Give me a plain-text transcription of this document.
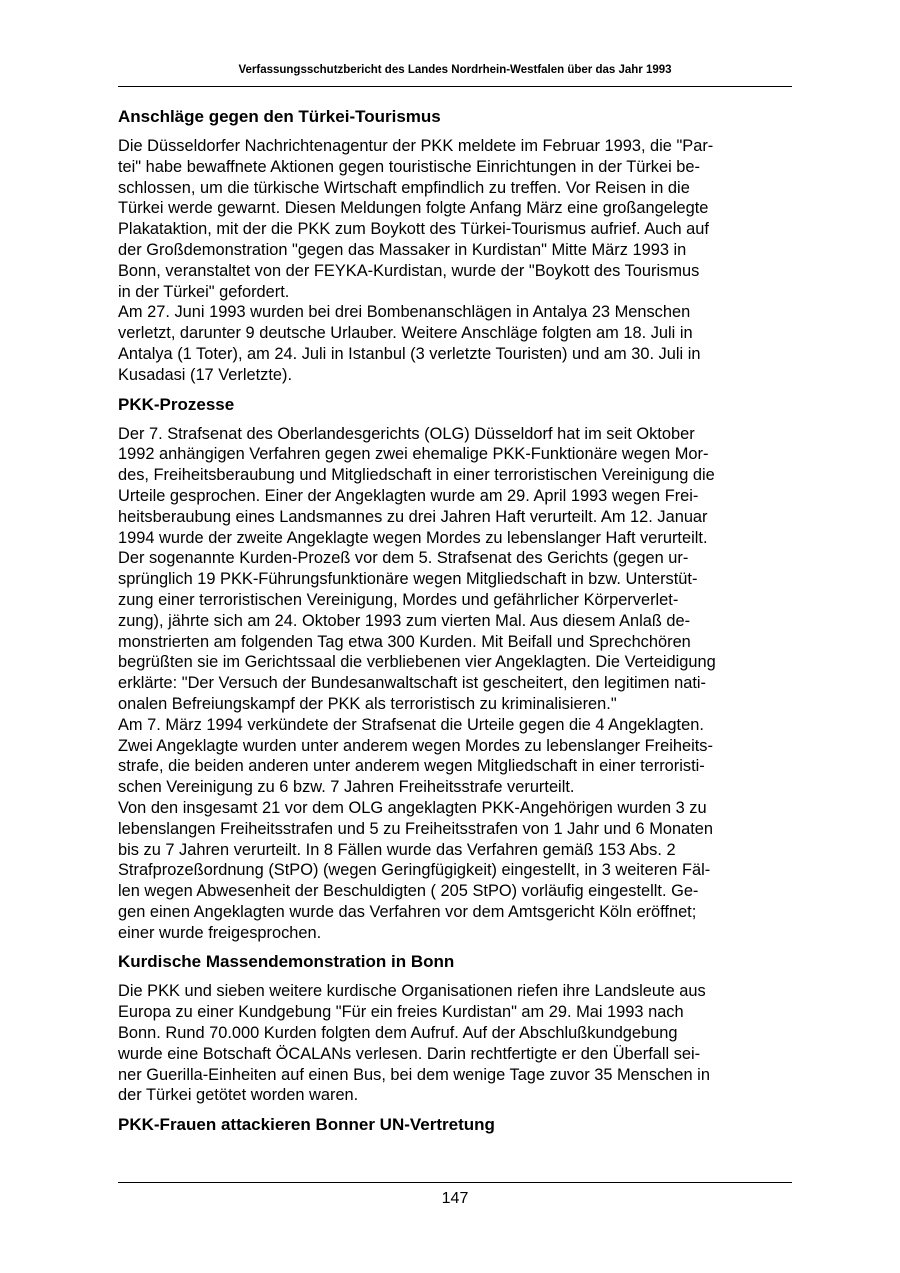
Verfassungsschutzbericht des Landes Nordrhein-Westfalen über das Jahr 1993
Anschläge gegen den Türkei-Tourismus

Die Düsseldorfer Nachrichtenagentur der PKK meldete im Februar 1993, die "Par-
tei" habe bewaffnete Aktionen gegen touristische Einrichtungen in der Türkei be-
schlossen, um die türkische Wirtschaft empfindlich zu treffen. Vor Reisen in die
Türkei werde gewarnt. Diesen Meldungen folgte Anfang März eine großangelegte
Plakataktion, mit der die PKK zum Boykott des Türkei-Tourismus aufrief. Auch auf
der Großdemonstration "gegen das Massaker in Kurdistan" Mitte März 1993 in
Bonn, veranstaltet von der FEYKA-Kurdistan, wurde der "Boykott des Tourismus
in der Türkei" gefordert.

Am 27. Juni 1993 wurden bei drei Bombenanschlägen in Antalya 23 Menschen
verletzt, darunter 9 deutsche Urlauber. Weitere Anschläge folgten am 18. Juli in
Antalya (1 Toter), am 24. Juli in Istanbul (3 verletzte Touristen) und am 30. Juli in
Kusadasi (17 Verletzte).

PKK-Prozesse

Der 7. Strafsenat des Oberlandesgerichts (OLG) Düsseldorf hat im seit Oktober
1992 anhängigen Verfahren gegen zwei ehemalige PKK-Funktionäre wegen Mor-
des, Freiheitsberaubung und Mitgliedschaft in einer terroristischen Vereinigung die
Urteile gesprochen. Einer der Angeklagten wurde am 29. April 1993 wegen Frei-
heitsberaubung eines Landsmannes zu drei Jahren Haft verurteilt. Am 12. Januar
1994 wurde der zweite Angeklagte wegen Mordes zu lebenslanger Haft verurteilt.

Der sogenannte Kurden-Prozeß vor dem 5. Strafsenat des Gerichts (gegen ur-
sprünglich 19 PKK-Führungsfunktionäre wegen Mitgliedschaft in bzw. Unterstüt-
zung einer terroristischen Vereinigung, Mordes und gefährlicher Körperverlet-
zung), jährte sich am 24. Oktober 1993 zum vierten Mal. Aus diesem Anlaß de-
monstrierten am folgenden Tag etwa 300 Kurden. Mit Beifall und Sprechchören
begrüßten sie im Gerichtssaal die verbliebenen vier Angeklagten. Die Verteidigung
erklärte: "Der Versuch der Bundesanwaltschaft ist gescheitert, den legitimen nati-
onalen Befreiungskampf der PKK als terroristisch zu kriminalisieren."

Am 7. März 1994 verkündete der Strafsenat die Urteile gegen die 4 Angeklagten.
Zwei Angeklagte wurden unter anderem wegen Mordes zu lebenslanger Freiheits-
strafe, die beiden anderen unter anderem wegen Mitgliedschaft in einer terroristi-
schen Vereinigung zu 6 bzw. 7 Jahren Freiheitsstrafe verurteilt.

Von den insgesamt 21 vor dem OLG angeklagten PKK-Angehörigen wurden 3 zu
lebenslangen Freiheitsstrafen und 5 zu Freiheitsstrafen von 1 Jahr und 6 Monaten
bis zu 7 Jahren verurteilt. In 8 Fällen wurde das Verfahren gemäß 153 Abs. 2
Strafprozeßordnung (StPO) (wegen Geringfügigkeit) eingestellt, in 3 weiteren Fäl-
len wegen Abwesenheit der Beschuldigten ( 205 StPO) vorläufig eingestellt. Ge-
gen einen Angeklagten wurde das Verfahren vor dem Amtsgericht Köln eröffnet;
einer wurde freigesprochen.

Kurdische Massendemonstration in Bonn

Die PKK und sieben weitere kurdische Organisationen riefen ihre Landsleute aus
Europa zu einer Kundgebung "Für ein freies Kurdistan" am 29. Mai 1993 nach
Bonn. Rund 70.000 Kurden folgten dem Aufruf. Auf der Abschlußkundgebung
wurde eine Botschaft ÖCALANs verlesen. Darin rechtfertigte er den Überfall sei-
ner Guerilla-Einheiten auf einen Bus, bei dem wenige Tage zuvor 35 Menschen in
der Türkei getötet worden waren.

PKK-Frauen attackieren Bonner UN-Vertretung
147
